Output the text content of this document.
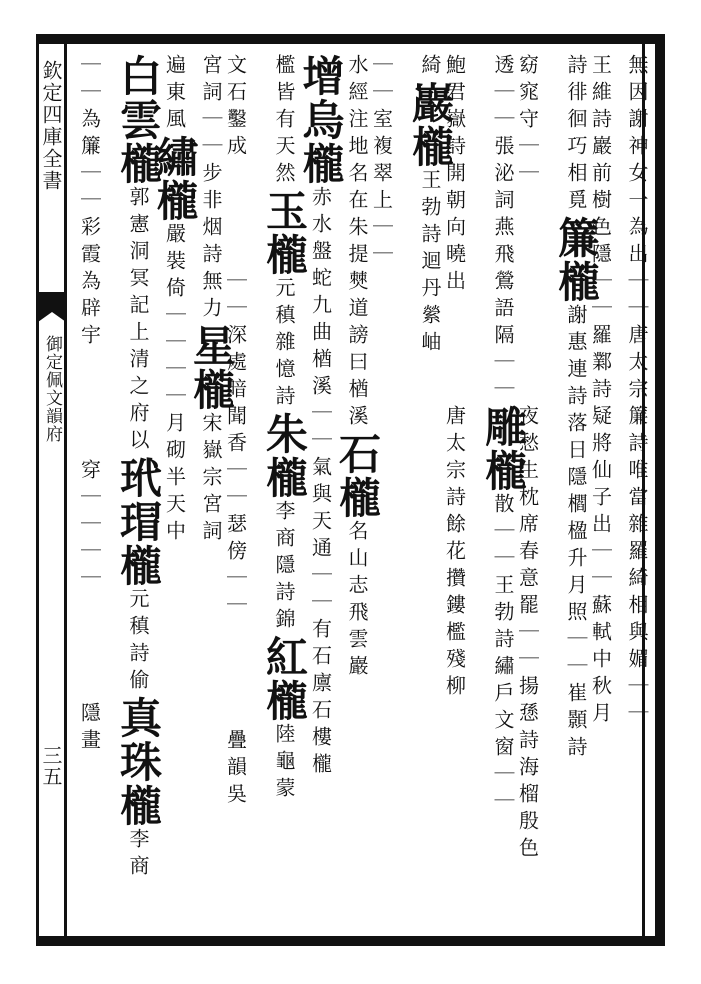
欽定四庫全書
御定佩文韻府
三五
無因謝神女一為出｜｜唐太宗簾詩唯當雜羅綺相與媚｜｜
王維詩巖前樹色隱｜｜羅鄴詩疑將仙子出｜｜蘇軾中秋月
詩徘徊巧相覓簾櫳謝惠連詩落日隱櫩楹升月照｜｜崔顥詩
窈窕守｜｜　　　　　　　　夜愁生枕席春意罷｜｜揚愻詩海榴殷色
透｜｜張泌詞燕飛鶯語隔｜｜雕櫳散｜｜王勃詩繡戶文窗｜｜
鮑君嶽詩開朝向曉出　　　　唐太宗詩餘花攢鏤檻殘柳
綺巖櫳王勃詩迴丹縈岫
｜｜室複翠上｜｜
水經注地名在朱提僰道謗曰楢溪石櫳名山志飛雲巖
增烏櫳赤水盤蛇九曲楢溪｜｜氣與天通｜｜有石廪石樓櫳
檻皆有天然玉櫳元稹雜憶詩朱櫳李商隱詩錦紅櫳陸龜蒙
文石鑿成　　　　｜｜深處暗聞香｜｜瑟傍｜｜　　　　疊韻吳
宮詞｜｜步非烟詩無力星櫳宋嶽宗宮詞
遍東風繡櫳嚴裝倚｜｜｜｜月砌半天中
白雲櫳郭憲洞冥記上清之府以玳瑁櫳元稹詩偷真珠櫳李商
｜｜為簾｜｜彩霞為辟宇　　　　穿｜｜｜｜　　　　隱畫
